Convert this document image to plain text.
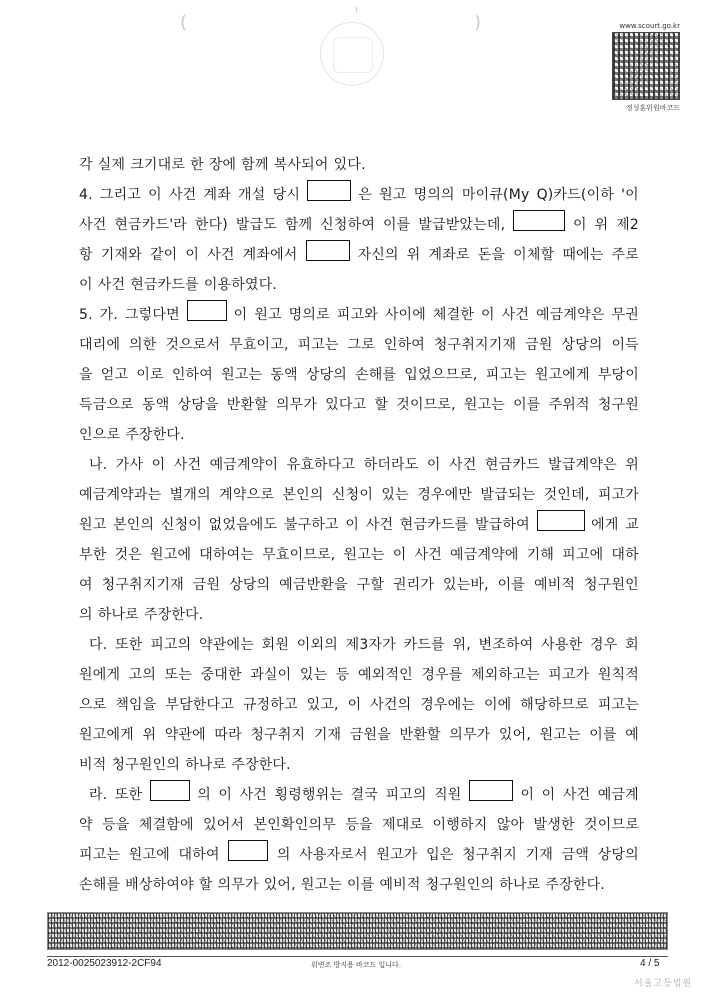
(	ˈ	)	www.scourt.go.kr
정성훈위원바코드
각 실제 크기대로 한 장에 함께 복사되어 있다.
4. 그리고 이 사건 계좌 개설 당시	은 원고 명의의 마이큐(My Q)카드(이하 '이
사건 현금카드'라 한다) 발급도 함께 신청하여 이를 발급받았는데,	이 위 제2
항 기재와 같이 이 사건 계좌에서	자신의 위 계좌로 돈을 이체할 때에는 주로
이 사건 현금카드를 이용하였다.
5. 가. 그렇다면	이 원고 명의로 피고와 사이에 체결한 이 사건 예금계약은 무권
대리에 의한 것으로서 무효이고, 피고는 그로 인하여 청구취지기재 금원 상당의 이득
을 얻고 이로 인하여 원고는 동액 상당의 손해를 입었으므로, 피고는 원고에게 부당이
득금으로 동액 상당을 반환할 의무가 있다고 할 것이므로, 원고는 이를 주위적 청구원
인으로 주장한다.
나. 가사 이 사건 예금계약이 유효하다고 하더라도 이 사건 현금카드 발급계약은 위
예금계약과는 별개의 계약으로 본인의 신청이 있는 경우에만 발급되는 것인데, 피고가
원고 본인의 신청이 없었음에도 불구하고 이 사건 현금카드를 발급하여	에게 교
부한 것은 원고에 대하여는 무효이므로, 원고는 이 사건 예금계약에 기해 피고에 대하
여 청구취지기재 금원 상당의 예금반환을 구할 권리가 있는바, 이를 예비적 청구원인
의 하나로 주장한다.
다. 또한 피고의 약관에는 회원 이외의 제3자가 카드를 위, 변조하여 사용한 경우 회
원에게 고의 또는 중대한 과실이 있는 등 예외적인 경우를 제외하고는 피고가 원칙적
으로 책임을 부담한다고 규정하고 있고, 이 사건의 경우에는 이에 해당하므로 피고는
원고에게 위 약관에 따라 청구취지 기재 금원을 반환할 의무가 있어, 원고는 이를 예
비적 청구원인의 하나로 주장한다.
라. 또한	의 이 사건 횡령행위는 결국 피고의 직원	이 이 사건 예금계
약 등을 체결함에 있어서 본인확인의무 등을 제대로 이행하지 않아 발생한 것이므로
피고는 원고에 대하여	의 사용자로서 원고가 입은 청구취지 기재 금액 상당의
손해를 배상하여야 할 의무가 있어, 원고는 이를 예비적 청구원인의 하나로 주장한다.
2012-0025023912-2CF94	위변조 방지용 바코드 입니다.	4 / 5
서울고등법원
